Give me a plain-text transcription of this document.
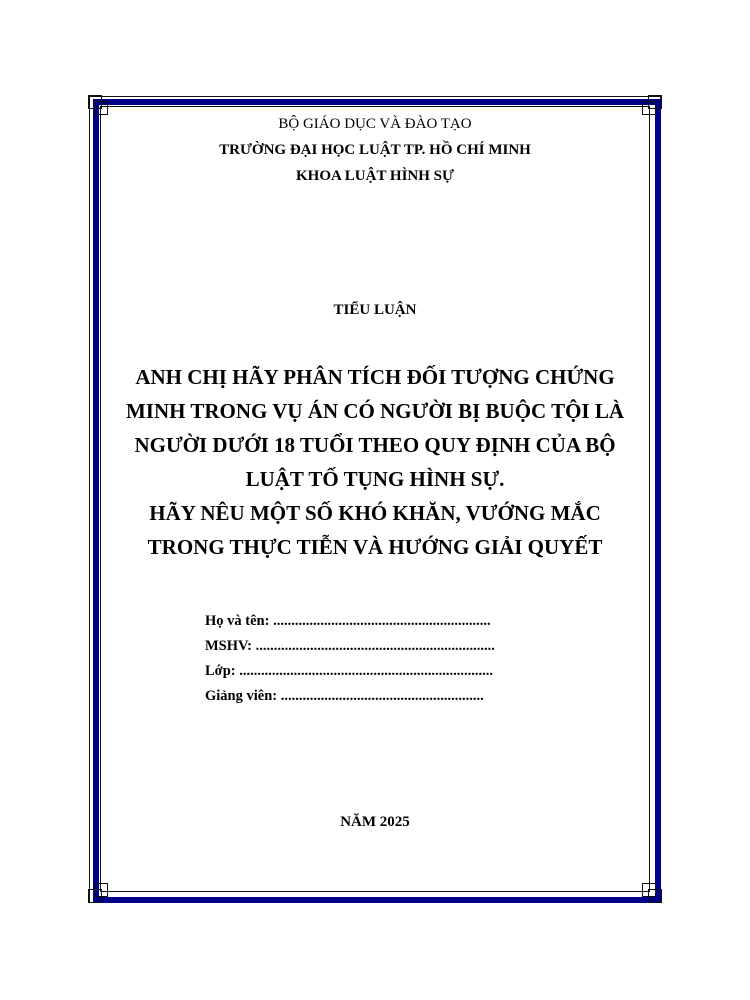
BỘ GIÁO DỤC VÀ ĐÀO TẠO
TRƯỜNG ĐẠI HỌC LUẬT TP. HỒ CHÍ MINH
KHOA LUẬT HÌNH SỰ
TIỂU LUẬN
ANH CHỊ HÃY PHÂN TÍCH ĐỐI TƯỢNG CHỨNG
MINH TRONG VỤ ÁN CÓ NGƯỜI BỊ BUỘC TỘI LÀ
NGƯỜI DƯỚI 18 TUỔI THEO QUY ĐỊNH CỦA BỘ
LUẬT TỐ TỤNG HÌNH SỰ.
HÃY NÊU MỘT SỐ KHÓ KHĂN, VƯỚNG MẮC
TRONG THỰC TIỄN VÀ HƯỚNG GIẢI QUYẾT
Họ và tên: ............................................................
MSHV: ..................................................................
Lớp: ......................................................................
Giảng viên: ........................................................
NĂM 2025
